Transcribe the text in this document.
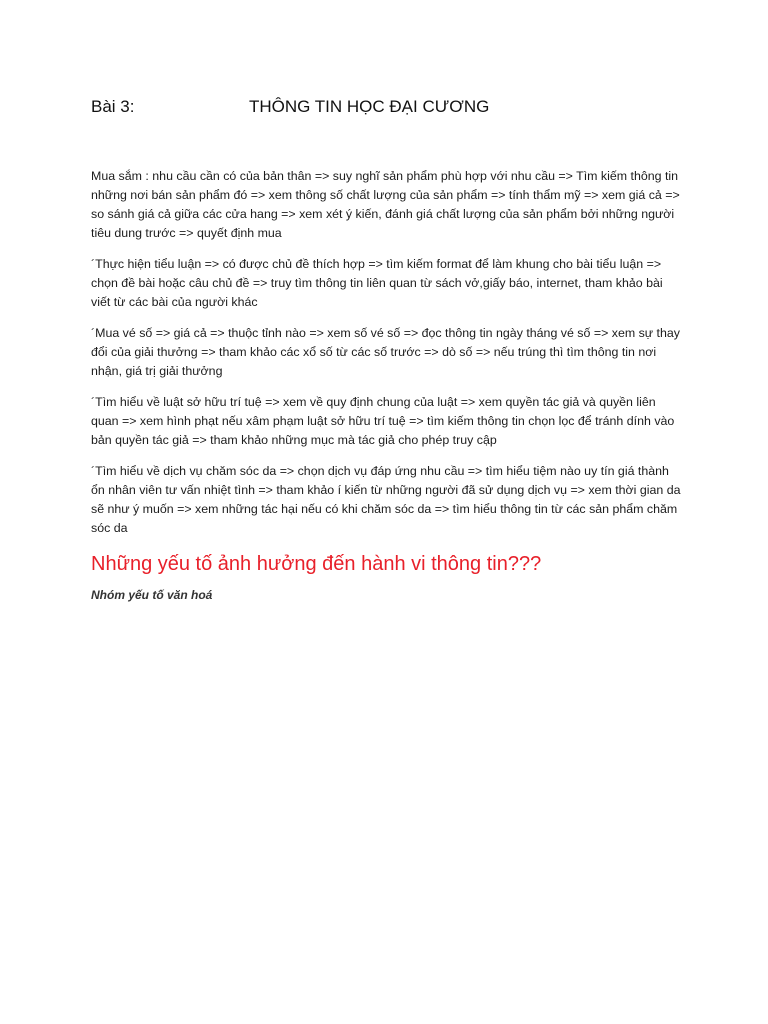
Bài 3:	THÔNG TIN HỌC ĐẠI CƯƠNG

Mua sắm : nhu cầu cần có của bản thân => suy nghĩ sản phẩm phù hợp với nhu cầu => Tìm kiếm thông tin những nơi bán sản phẩm đó => xem thông số chất lượng của sản phẩm => tính thẩm mỹ => xem giá cả => so sánh giá cả giữa các cửa hang => xem xét ý kiến, đánh giá chất lượng của sản phẩm bởi những người tiêu dung trước => quyết định mua

´Thực hiện tiểu luận => có được chủ đề thích hợp => tìm kiếm format để làm khung cho bài tiểu luận => chọn đề bài hoặc câu chủ đề => truy tìm thông tin liên quan từ sách vở,giấy báo, internet, tham khảo bài viết từ các bài của người khác

´Mua vé số => giá cả => thuộc tỉnh nào => xem số vé số => đọc thông tin ngày tháng vé số => xem sự thay đổi của giải thưởng => tham khảo các xổ số từ các số trước => dò số => nếu trúng thì tìm thông tin nơi nhận, giá trị giải thưởng

´Tìm hiểu về luật sở hữu trí tuệ => xem về quy định chung của luật => xem quyền tác giả và quyền liên quan => xem hình phạt nếu xâm phạm luật sở hữu trí tuệ => tìm kiếm thông tin chọn lọc để tránh dính vào bản quyền tác giả => tham khảo những mục mà tác giả cho phép truy cập

´Tìm hiểu về dịch vụ chăm sóc da => chọn dịch vụ đáp ứng nhu cầu => tìm hiểu tiệm nào uy tín giá thành ổn nhân viên tư vấn nhiệt tình => tham khảo í kiến từ những người đã sử dụng dịch vụ => xem thời gian da sẽ như ý muốn => xem những tác hại nếu có khi chăm sóc da => tìm hiểu thông tin từ các sản phẩm chăm sóc da

Những yếu tố ảnh hưởng đến hành vi thông tin???

Nhóm yếu tố văn hoá
